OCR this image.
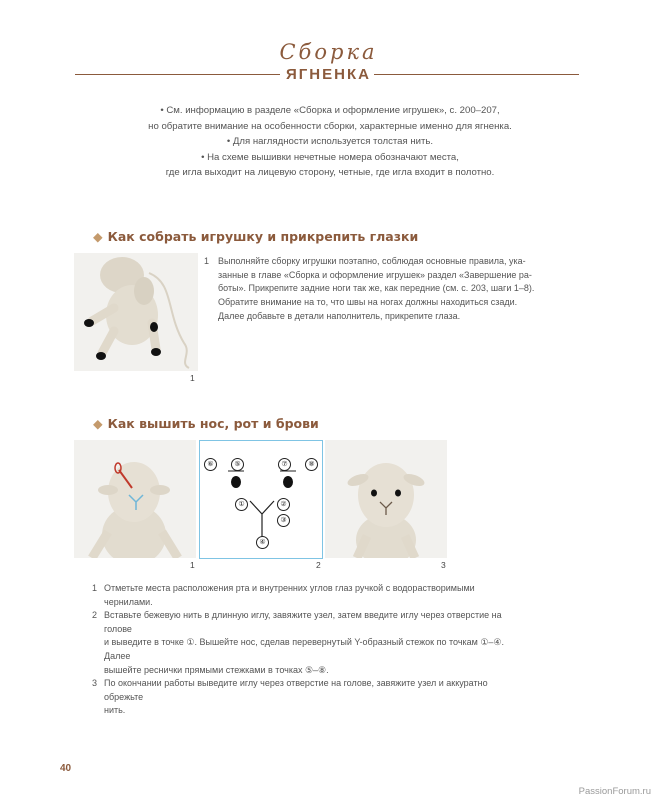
Сборка
ЯГНЕНКА

• См. информацию в разделе «Сборка и оформление игрушек», с. 200–207,

но обратите внимание на особенности сборки, характерные именно для ягненка.

• Для наглядности используется толстая нить.

• На схеме вышивки нечетные номера обозначают места,

где игла выходит на лицевую сторону, четные, где игла входит в полотно.

◆ Как собрать игрушку и прикрепить глазки
1
1 Выполняйте сборку игрушки поэтапно, соблюдая основные правила, ука-
занные в главе «Сборка и оформление игрушек» раздел «Завершение ра-
боты». Прикрепите задние ноги так же, как передние (см. с. 203, шаги 1–8).
Обратите внимание на то, что швы на ногах должны находиться сзади.
Далее добавьте в детали наполнитель, прикрепите глаза.
◆ Как вышить нос, рот и брови
⑥	⑤	⑦	⑧
①	②
③
④
1	2	3
1 Отметьте места расположения рта и внутренних углов глаз ручкой с водорастворимыми чернилами.
2 Вставьте бежевую нить в длинную иглу, завяжите узел, затем введите иглу через отверстие на голове
и выведите в точке ①. Вышейте нос, сделав перевернутый Y-образный стежок по точкам ①–④. Далее
вышейте реснички прямыми стежками в точках ⑤–⑧.
3 По окончании работы выведите иглу через отверстие на голове, завяжите узел и аккуратно обрежьте
нить.
40
PassionForum.ru
